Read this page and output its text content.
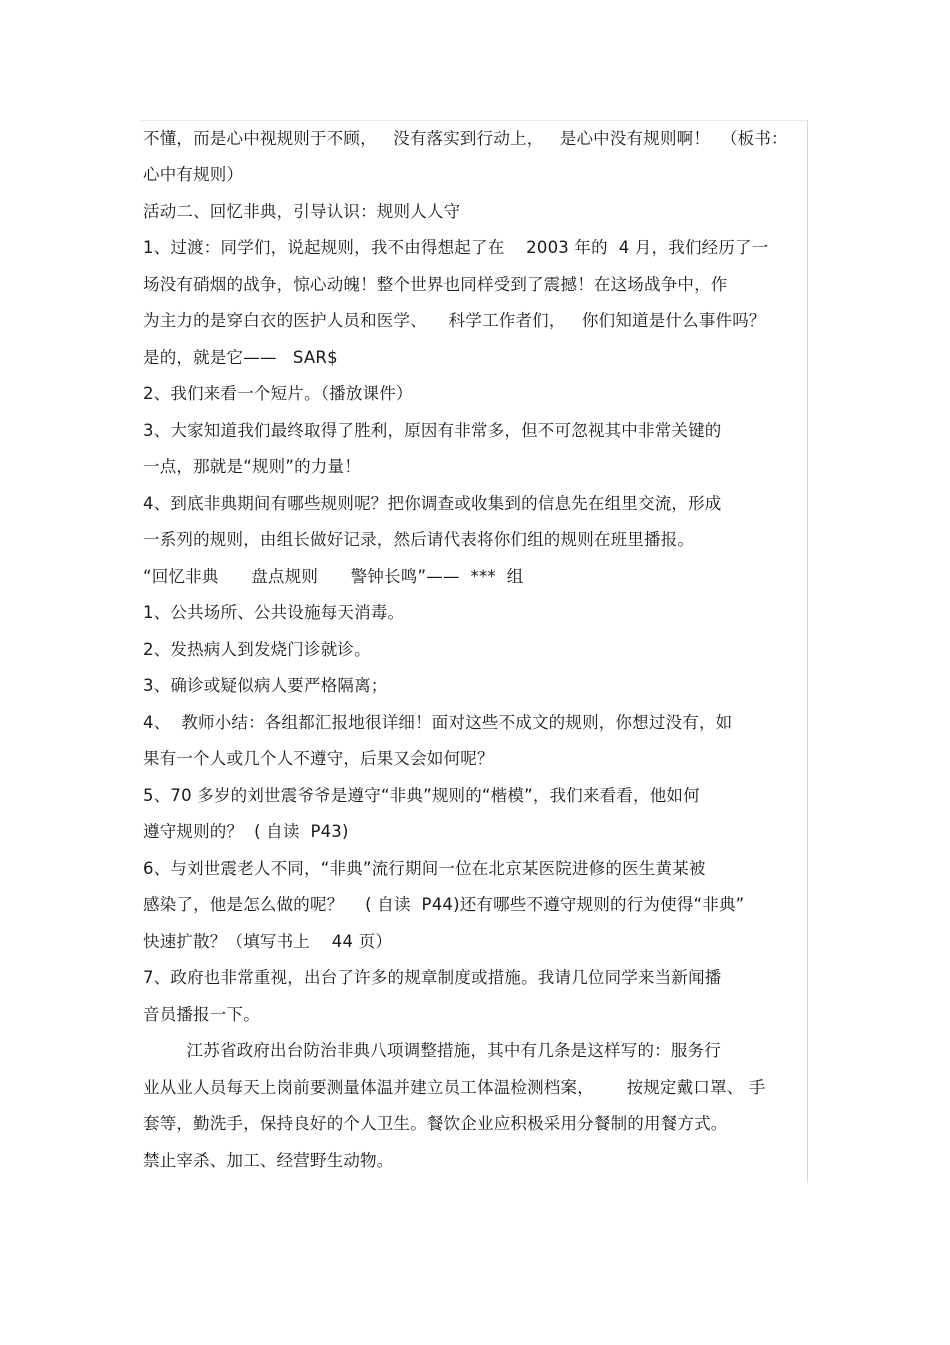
不懂，而是心中视规则于不顾，   没有落实到行动上，   是心中没有规则啊！  （板书：
心中有规则）
活动二、回忆非典，引导认识：规则人人守
1、过渡：同学们，说起规则，我不由得想起了在    2003 年的  4 月，我们经历了一
场没有硝烟的战争，惊心动魄！整个世界也同样受到了震撼！在这场战争中，作
为主力的是穿白衣的医护人员和医学、    科学工作者们，   你们知道是什么事件吗？
是的，就是它——   SAR$
2、我们来看一个短片。（播放课件）
3、大家知道我们最终取得了胜利，原因有非常多，但不可忽视其中非常关键的
一点，那就是“规则”的力量！
4、到底非典期间有哪些规则呢？把你调查或收集到的信息先在组里交流，形成
一系列的规则，由组长做好记录，然后请代表将你们组的规则在班里播报。
“回忆非典      盘点规则      警钟长鸣”——  ***  组
1、公共场所、公共设施每天消毒。
2、发热病人到发烧门诊就诊。
3、确诊或疑似病人要严格隔离；
4、  教师小结：各组都汇报地很详细！面对这些不成文的规则，你想过没有，如
果有一个人或几个人不遵守，后果又会如何呢？
5、70 多岁的刘世震爷爷是遵守“非典”规则的“楷模”，我们来看看，他如何
遵守规则的？  ( 自读  P43)
6、与刘世震老人不同，“非典”流行期间一位在北京某医院进修的医生黄某被
感染了，他是怎么做的呢？    ( 自读  P44)还有哪些不遵守规则的行为使得“非典”
快速扩散？（填写书上    44 页）
7、政府也非常重视，出台了许多的规章制度或措施。我请几位同学来当新闻播
音员播报一下。
江苏省政府出台防治非典八项调整措施，其中有几条是这样写的：服务行
业从业人员每天上岗前要测量体温并建立员工体温检测档案，      按规定戴口罩、 手
套等，勤洗手，保持良好的个人卫生。餐饮企业应积极采用分餐制的用餐方式。
禁止宰杀、加工、经营野生动物。
